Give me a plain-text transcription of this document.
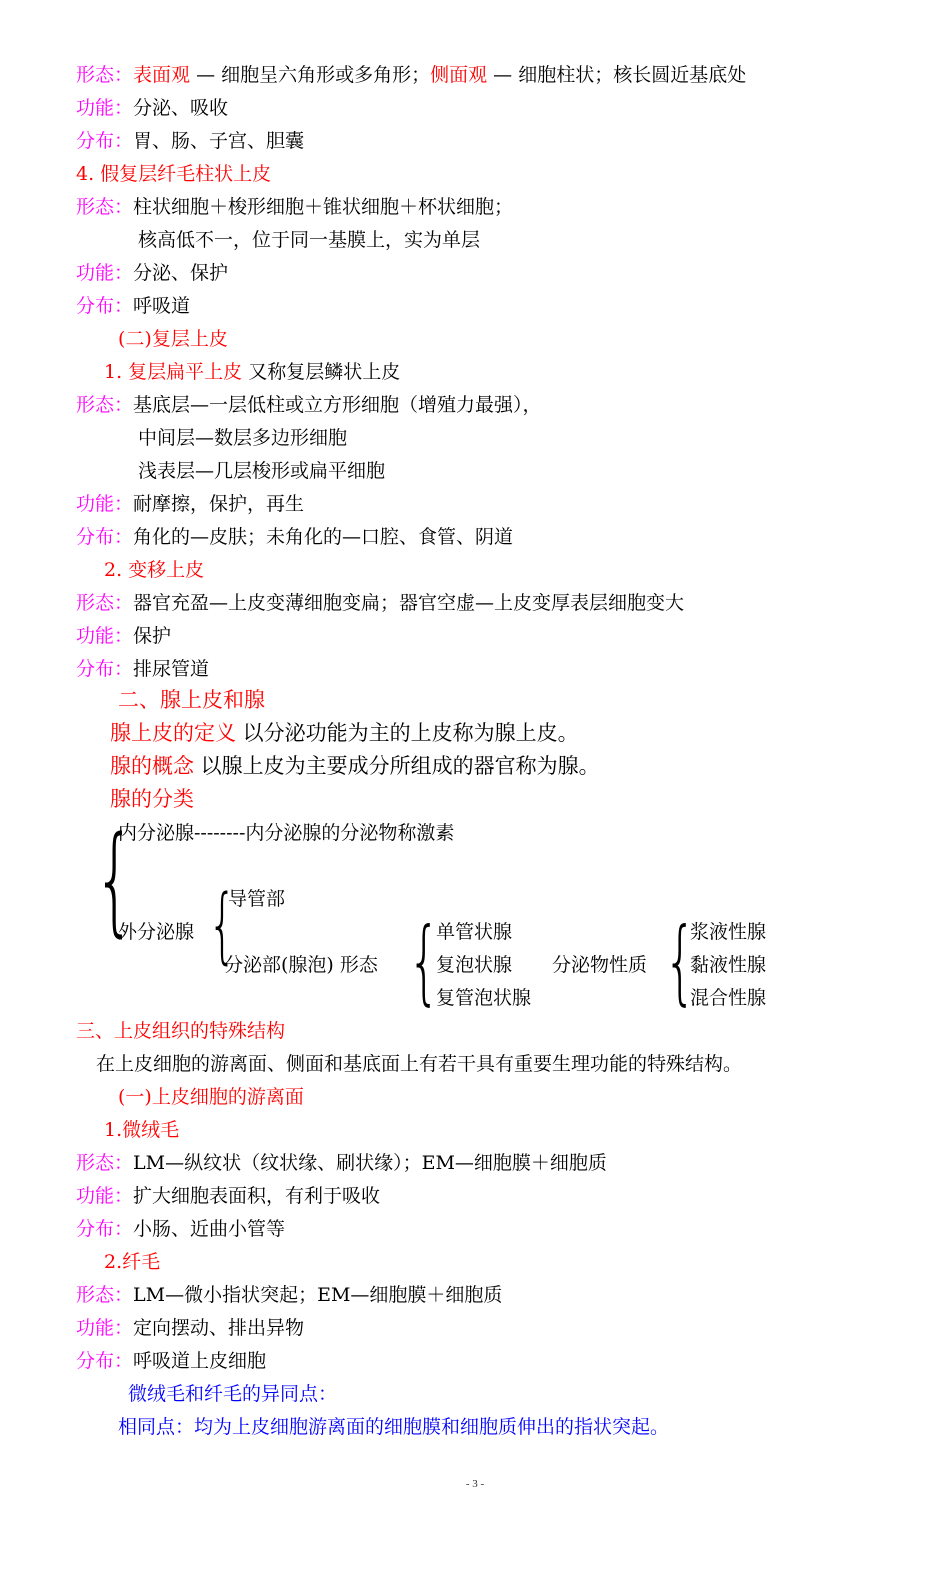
形态：表面观 — 细胞呈六角形或多角形；侧面观 — 细胞柱状；核长圆近基底处
功能：分泌、吸收
分布：胃、肠、子宫、胆囊
4. 假复层纤毛柱状上皮
形态：柱状细胞＋梭形细胞＋锥状细胞＋杯状细胞；
核高低不一，位于同一基膜上，实为单层
功能：分泌、保护
分布：呼吸道
(二)复层上皮
1. 复层扁平上皮 又称复层鳞状上皮
形态：基底层—一层低柱或立方形细胞（增殖力最强），
中间层—数层多边形细胞
浅表层—几层梭形或扁平细胞
功能：耐摩擦，保护，再生
分布：角化的—皮肤；未角化的—口腔、食管、阴道
2. 变移上皮
形态：器官充盈—上皮变薄细胞变扁；器官空虚—上皮变厚表层细胞变大
功能：保护
分布：排尿管道
二、腺上皮和腺
腺上皮的定义 以分泌功能为主的上皮称为腺上皮。
腺的概念 以腺上皮为主要成分所组成的器官称为腺。
腺的分类
{
内分泌腺--------内分泌腺的分泌物称激素
外分泌腺 {
导管部
分泌部(腺泡) 形态 {
单管状腺
复泡状腺
复管泡状腺
分泌物性质 {
浆液性腺
黏液性腺
混合性腺
三、上皮组织的特殊结构
在上皮细胞的游离面、侧面和基底面上有若干具有重要生理功能的特殊结构。
(一)上皮细胞的游离面
1.微绒毛
形态：LM—纵纹状（纹状缘、刷状缘）；EM—细胞膜＋细胞质
功能：扩大细胞表面积，有利于吸收
分布：小肠、近曲小管等
2.纤毛
形态：LM—微小指状突起；EM—细胞膜＋细胞质
功能：定向摆动、排出异物
分布：呼吸道上皮细胞
微绒毛和纤毛的异同点：
相同点：均为上皮细胞游离面的细胞膜和细胞质伸出的指状突起。
- 3 -
